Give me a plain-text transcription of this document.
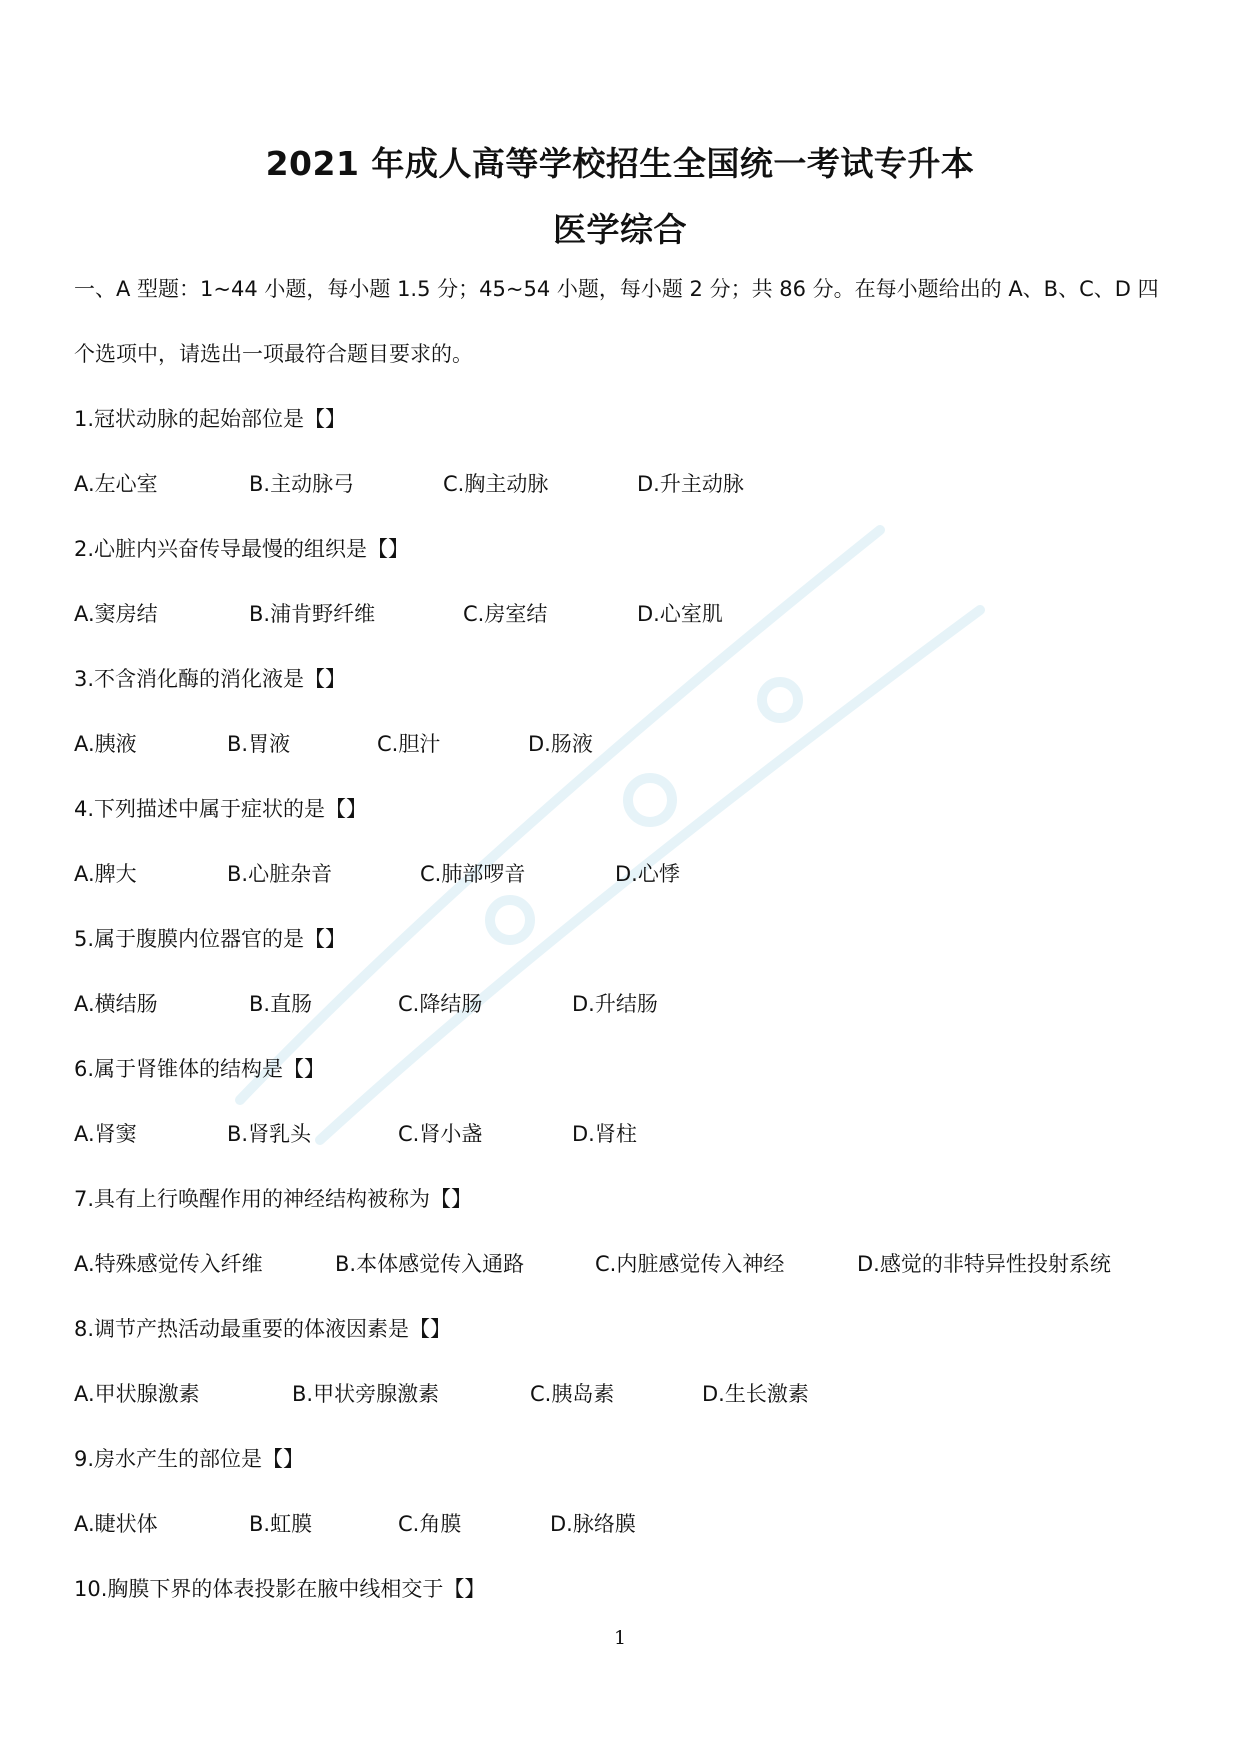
2021 年成人高等学校招生全国统一考试专升本
医学综合
一、A 型题：1~44 小题，每小题 1.5 分；45~54 小题，每小题 2 分；共 86 分。在每小题给出的 A、B、C、D 四
个选项中，请选出一项最符合题目要求的。
1.冠状动脉的起始部位是【】
A.左心室	B.主动脉弓	C.胸主动脉	D.升主动脉
2.心脏内兴奋传导最慢的组织是【】
A.窦房结	B.浦肯野纤维	C.房室结	D.心室肌
3.不含消化酶的消化液是【】
A.胰液	B.胃液	C.胆汁	D.肠液
4.下列描述中属于症状的是【】
A.脾大	B.心脏杂音	C.肺部啰音	D.心悸
5.属于腹膜内位器官的是【】
A.横结肠	B.直肠	C.降结肠	D.升结肠
6.属于肾锥体的结构是【】
A.肾窦	B.肾乳头	C.肾小盏	D.肾柱
7.具有上行唤醒作用的神经结构被称为【】
A.特殊感觉传入纤维	B.本体感觉传入通路	C.内脏感觉传入神经	D.感觉的非特异性投射系统
8.调节产热活动最重要的体液因素是【】
A.甲状腺激素	B.甲状旁腺激素	C.胰岛素	D.生长激素
9.房水产生的部位是【】
A.睫状体	B.虹膜	C.角膜	D.脉络膜
10.胸膜下界的体表投影在腋中线相交于【】
1
